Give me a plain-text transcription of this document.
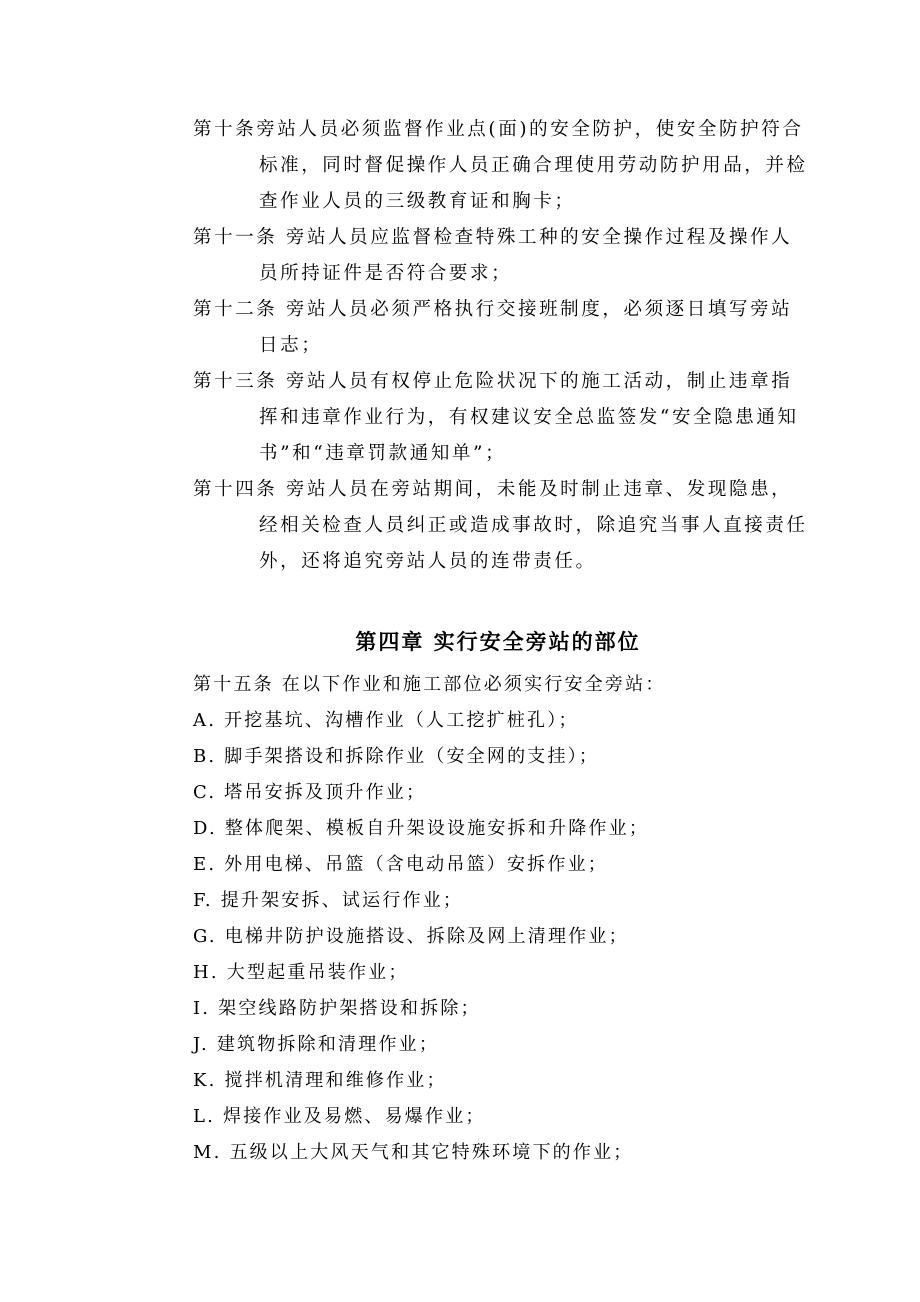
第十条旁站人员必须监督作业点(面)的安全防护，使安全防护符合
标准，同时督促操作人员正确合理使用劳动防护用品，并检
查作业人员的三级教育证和胸卡；
第十一条 旁站人员应监督检查特殊工种的安全操作过程及操作人
员所持证件是否符合要求；
第十二条 旁站人员必须严格执行交接班制度，必须逐日填写旁站
日志；
第十三条 旁站人员有权停止危险状况下的施工活动，制止违章指
挥和违章作业行为，有权建议安全总监签发“安全隐患通知
书”和“违章罚款通知单”；
第十四条 旁站人员在旁站期间，未能及时制止违章、发现隐患，
经相关检查人员纠正或造成事故时，除追究当事人直接责任
外，还将追究旁站人员的连带责任。
第四章 实行安全旁站的部位
第十五条 在以下作业和施工部位必须实行安全旁站：
A. 开挖基坑、沟槽作业（人工挖扩桩孔）；
B. 脚手架搭设和拆除作业（安全网的支挂）；
C. 塔吊安拆及顶升作业；
D. 整体爬架、模板自升架设设施安拆和升降作业；
E. 外用电梯、吊篮（含电动吊篮）安拆作业；
F. 提升架安拆、试运行作业；
G. 电梯井防护设施搭设、拆除及网上清理作业；
H. 大型起重吊装作业；
I. 架空线路防护架搭设和拆除；
J. 建筑物拆除和清理作业；
K. 搅拌机清理和维修作业；
L. 焊接作业及易燃、易爆作业；
M. 五级以上大风天气和其它特殊环境下的作业；
